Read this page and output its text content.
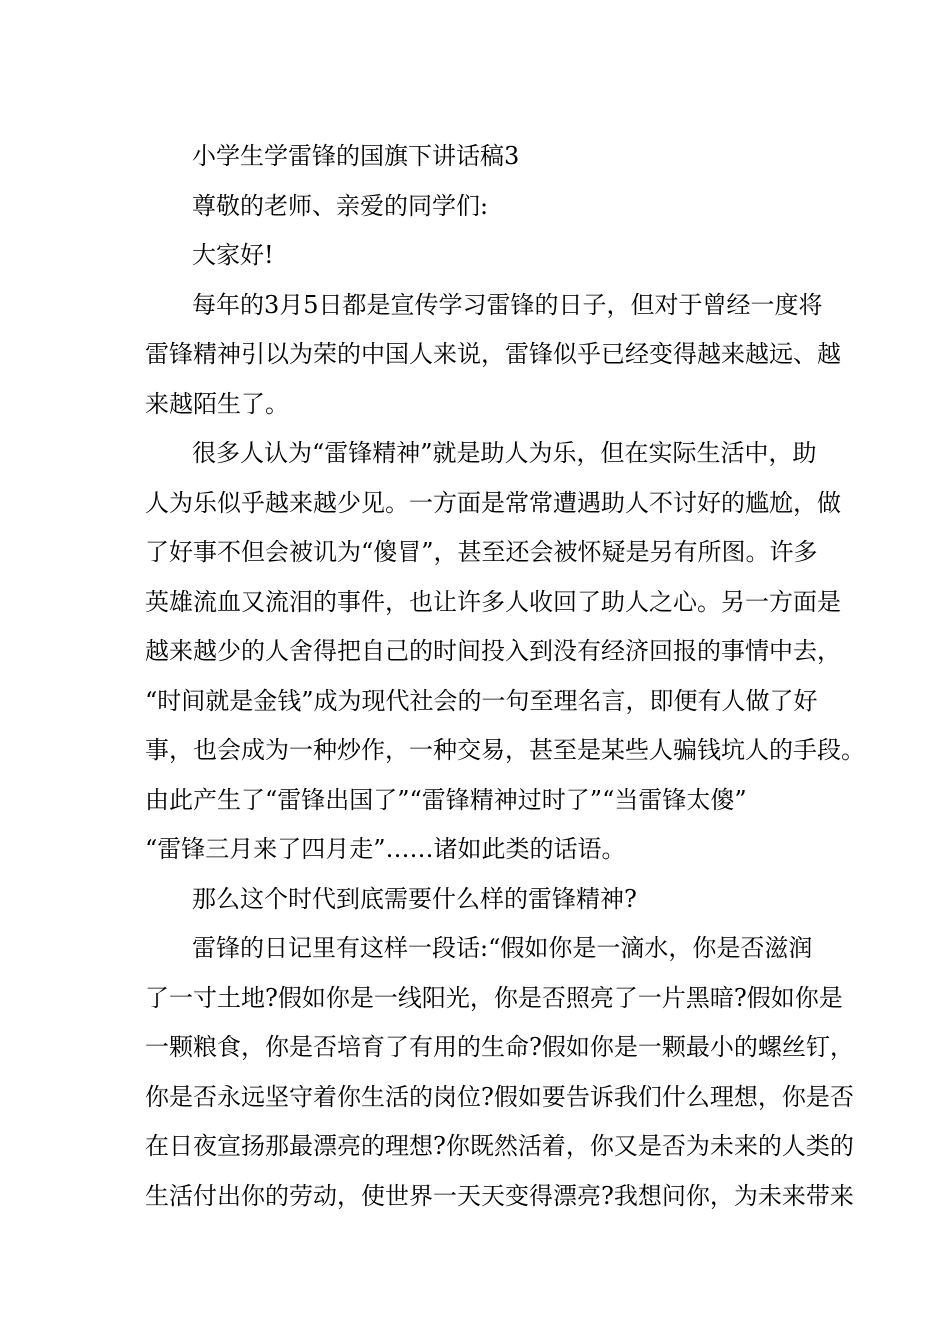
小学生学雷锋的国旗下讲话稿3
尊敬的老师、亲爱的同学们:
大家好!
每年的3月5日都是宣传学习雷锋的日子，但对于曾经一度将
雷锋精神引以为荣的中国人来说，雷锋似乎已经变得越来越远、越
来越陌生了。
很多人认为“雷锋精神”就是助人为乐，但在实际生活中，助
人为乐似乎越来越少见。一方面是常常遭遇助人不讨好的尴尬，做
了好事不但会被讥为“傻冒”，甚至还会被怀疑是另有所图。许多
英雄流血又流泪的事件，也让许多人收回了助人之心。另一方面是
越来越少的人舍得把自己的时间投入到没有经济回报的事情中去，
“时间就是金钱”成为现代社会的一句至理名言，即便有人做了好
事，也会成为一种炒作，一种交易，甚至是某些人骗钱坑人的手段。
由此产生了“雷锋出国了”“雷锋精神过时了”“当雷锋太傻”
“雷锋三月来了四月走”……诸如此类的话语。
那么这个时代到底需要什么样的雷锋精神?
雷锋的日记里有这样一段话:“假如你是一滴水，你是否滋润
了一寸土地?假如你是一线阳光，你是否照亮了一片黑暗?假如你是
一颗粮食，你是否培育了有用的生命?假如你是一颗最小的螺丝钉，
你是否永远坚守着你生活的岗位?假如要告诉我们什么理想，你是否
在日夜宣扬那最漂亮的理想?你既然活着，你又是否为未来的人类的
生活付出你的劳动，使世界一天天变得漂亮?我想问你，为未来带来
